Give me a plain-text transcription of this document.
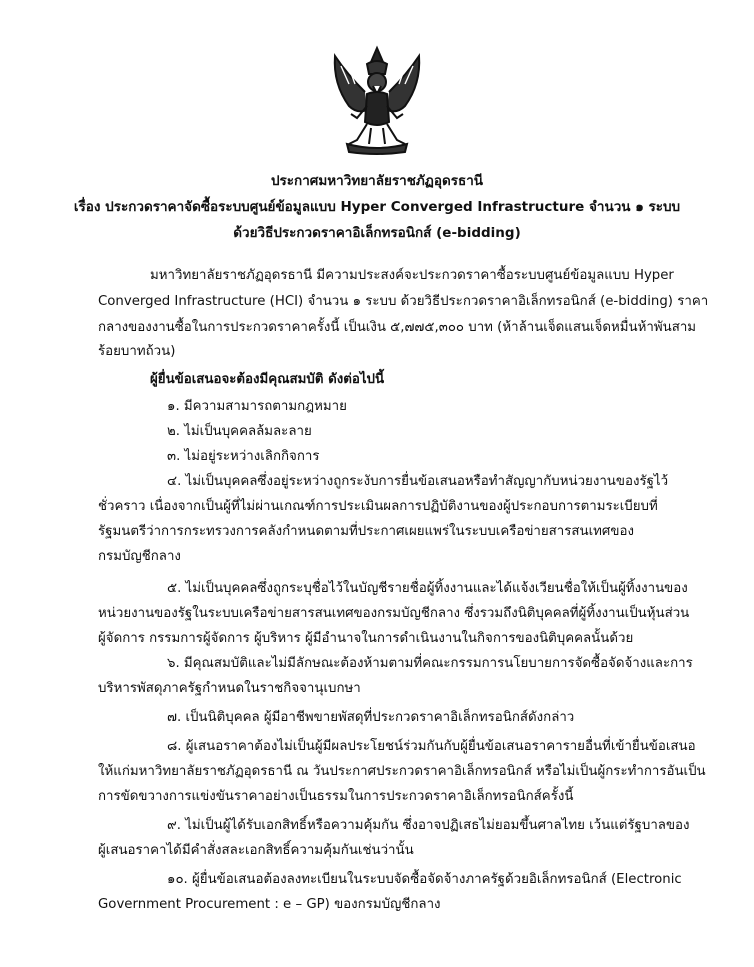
ประกาศมหาวิทยาลัยราชภัฏอุดรธานี
เรื่อง ประกวดราคาจัดซื้อระบบศูนย์ข้อมูลแบบ Hyper Converged Infrastructure จำนวน ๑ ระบบ
ด้วยวิธีประกวดราคาอิเล็กทรอนิกส์ (e-bidding)
มหาวิทยาลัยราชภัฏอุดรธานี มีความประสงค์จะประกวดราคาซื้อระบบศูนย์ข้อมูลแบบ Hyper
Converged Infrastructure (HCI) จำนวน ๑ ระบบ ด้วยวิธีประกวดราคาอิเล็กทรอนิกส์ (e-bidding) ราคา
กลางของงานซื้อในการประกวดราคาครั้งนี้ เป็นเงิน ๕,๗๗๕,๓๐๐ บาท (ห้าล้านเจ็ดแสนเจ็ดหมื่นห้าพันสาม
ร้อยบาทถ้วน)
ผู้ยื่นข้อเสนอจะต้องมีคุณสมบัติ ดังต่อไปนี้
๑. มีความสามารถตามกฎหมาย
๒. ไม่เป็นบุคคลล้มละลาย
๓. ไม่อยู่ระหว่างเลิกกิจการ
๔. ไม่เป็นบุคคลซึ่งอยู่ระหว่างถูกระงับการยื่นข้อเสนอหรือทำสัญญากับหน่วยงานของรัฐไว้
ชั่วคราว เนื่องจากเป็นผู้ที่ไม่ผ่านเกณฑ์การประเมินผลการปฏิบัติงานของผู้ประกอบการตามระเบียบที่
รัฐมนตรีว่าการกระทรวงการคลังกำหนดตามที่ประกาศเผยแพร่ในระบบเครือข่ายสารสนเทศของ
กรมบัญชีกลาง
๕. ไม่เป็นบุคคลซึ่งถูกระบุชื่อไว้ในบัญชีรายชื่อผู้ทิ้งงานและได้แจ้งเวียนชื่อให้เป็นผู้ทิ้งงานของ
หน่วยงานของรัฐในระบบเครือข่ายสารสนเทศของกรมบัญชีกลาง ซึ่งรวมถึงนิติบุคคลที่ผู้ทิ้งงานเป็นหุ้นส่วน
ผู้จัดการ กรรมการผู้จัดการ ผู้บริหาร ผู้มีอำนาจในการดำเนินงานในกิจการของนิติบุคคลนั้นด้วย
๖. มีคุณสมบัติและไม่มีลักษณะต้องห้ามตามที่คณะกรรมการนโยบายการจัดซื้อจัดจ้างและการ
บริหารพัสดุภาครัฐกำหนดในราชกิจจานุเบกษา
๗. เป็นนิติบุคคล ผู้มีอาชีพขายพัสดุที่ประกวดราคาอิเล็กทรอนิกส์ดังกล่าว
๘. ผู้เสนอราคาต้องไม่เป็นผู้มีผลประโยชน์ร่วมกันกับผู้ยื่นข้อเสนอราคารายอื่นที่เข้ายื่นข้อเสนอ
ให้แก่มหาวิทยาลัยราชภัฏอุดรธานี ณ วันประกาศประกวดราคาอิเล็กทรอนิกส์ หรือไม่เป็นผู้กระทำการอันเป็น
การขัดขวางการแข่งขันราคาอย่างเป็นธรรมในการประกวดราคาอิเล็กทรอนิกส์ครั้งนี้
๙. ไม่เป็นผู้ได้รับเอกสิทธิ์หรือความคุ้มกัน ซึ่งอาจปฏิเสธไม่ยอมขึ้นศาลไทย เว้นแต่รัฐบาลของ
ผู้เสนอราคาได้มีคำสั่งสละเอกสิทธิ์ความคุ้มกันเช่นว่านั้น
๑๐. ผู้ยื่นข้อเสนอต้องลงทะเบียนในระบบจัดซื้อจัดจ้างภาครัฐด้วยอิเล็กทรอนิกส์ (Electronic
Government Procurement : e – GP) ของกรมบัญชีกลาง
